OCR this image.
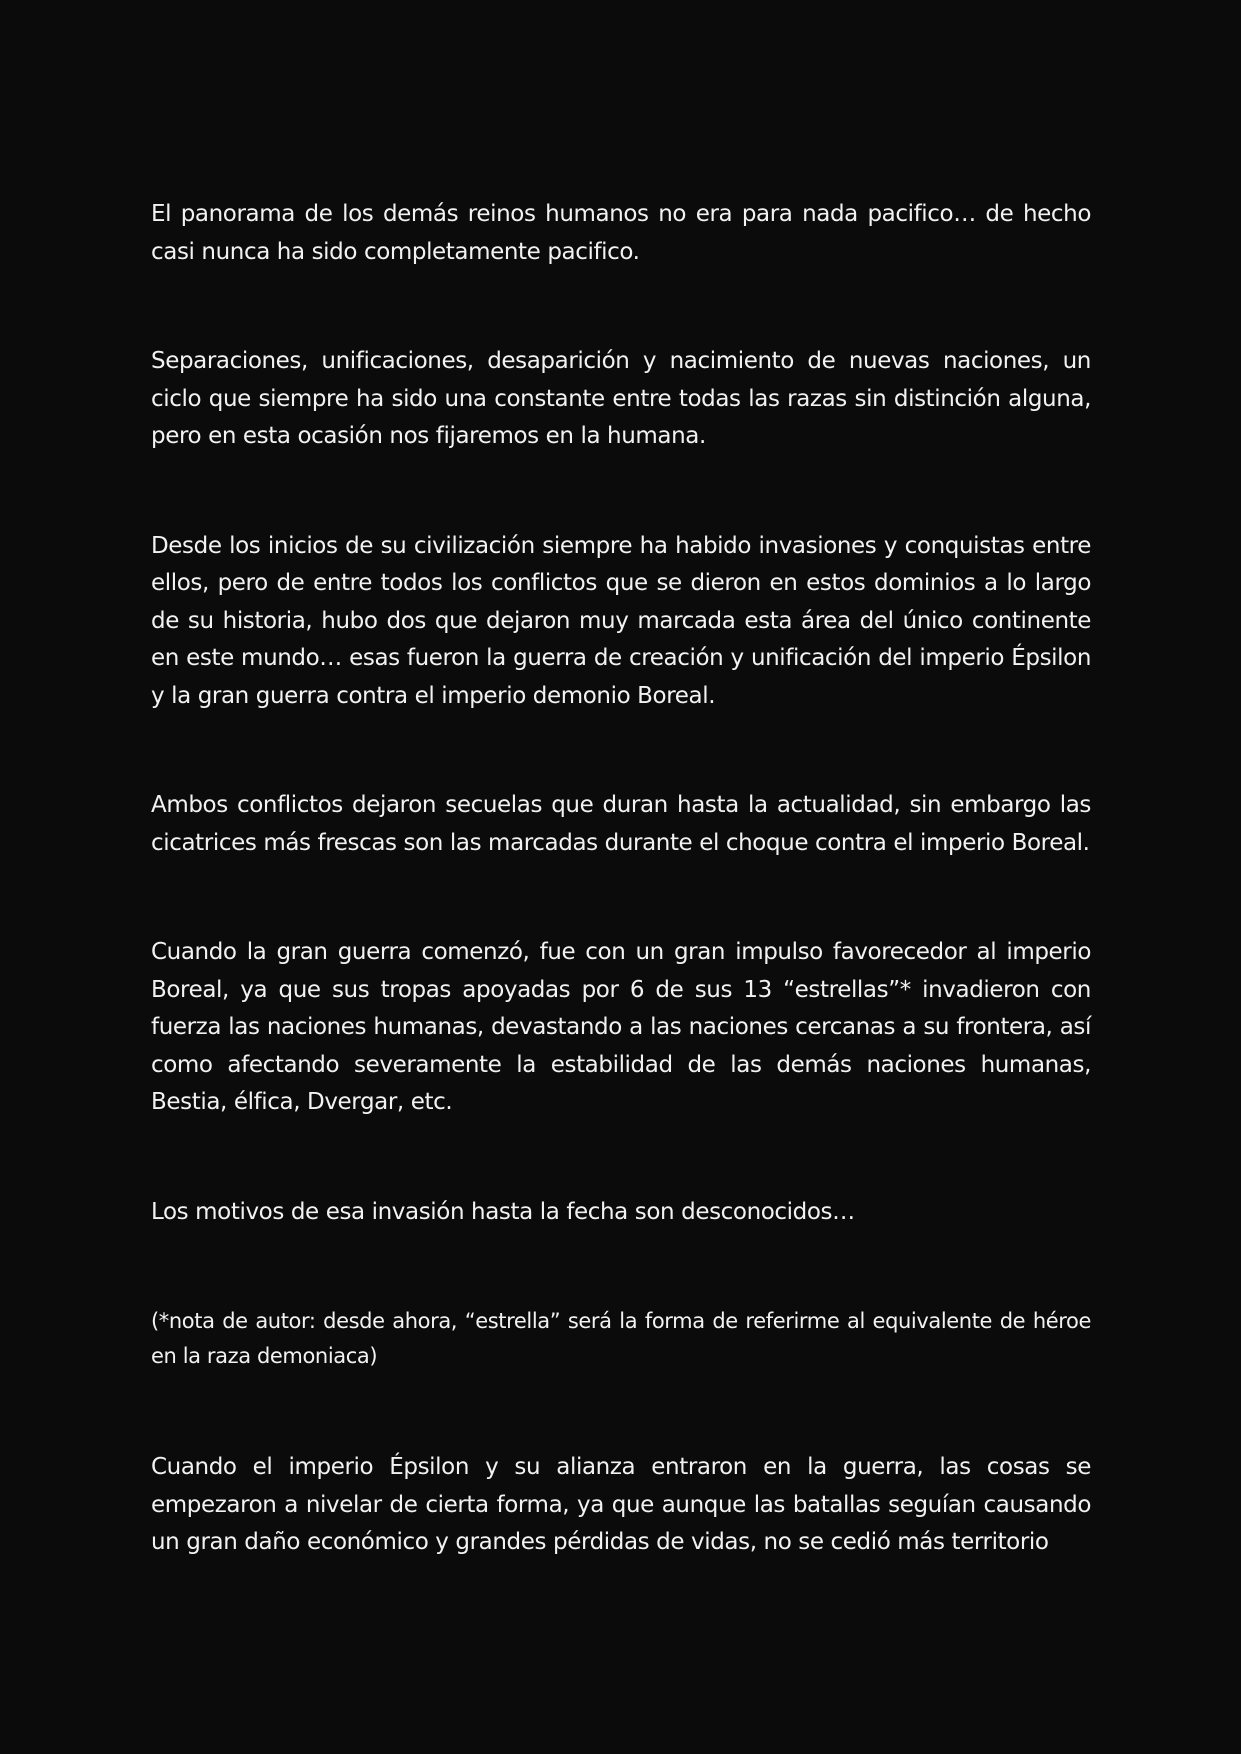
El panorama de los demás reinos humanos no era para nada pacifico… de hecho casi nunca ha sido completamente pacifico.

Separaciones, unificaciones, desaparición y nacimiento de nuevas naciones, un ciclo que siempre ha sido una constante entre todas las razas sin distinción alguna, pero en esta ocasión nos fijaremos en la humana.

Desde los inicios de su civilización siempre ha habido invasiones y conquistas entre ellos, pero de entre todos los conflictos que se dieron en estos dominios a lo largo de su historia, hubo dos que dejaron muy marcada esta área del único continente en este mundo… esas fueron la guerra de creación y unificación del imperio Épsilon y la gran guerra contra el imperio demonio Boreal.

Ambos conflictos dejaron secuelas que duran hasta la actualidad, sin embargo las cicatrices más frescas son las marcadas durante el choque contra el imperio Boreal.

Cuando la gran guerra comenzó, fue con un gran impulso favorecedor al imperio Boreal, ya que sus tropas apoyadas por 6 de sus 13 “estrellas”* invadieron con fuerza las naciones humanas, devastando a las naciones cercanas a su frontera, así como afectando severamente la estabilidad de las demás naciones humanas, Bestia, élfica, Dvergar, etc.

Los motivos de esa invasión hasta la fecha son desconocidos…

(*nota de autor: desde ahora, “estrella” será la forma de referirme al equivalente de héroe en la raza demoniaca)

Cuando el imperio Épsilon y su alianza entraron en la guerra, las cosas se empezaron a nivelar de cierta forma, ya que aunque las batallas seguían causando un gran daño económico y grandes pérdidas de vidas, no se cedió más territorio
